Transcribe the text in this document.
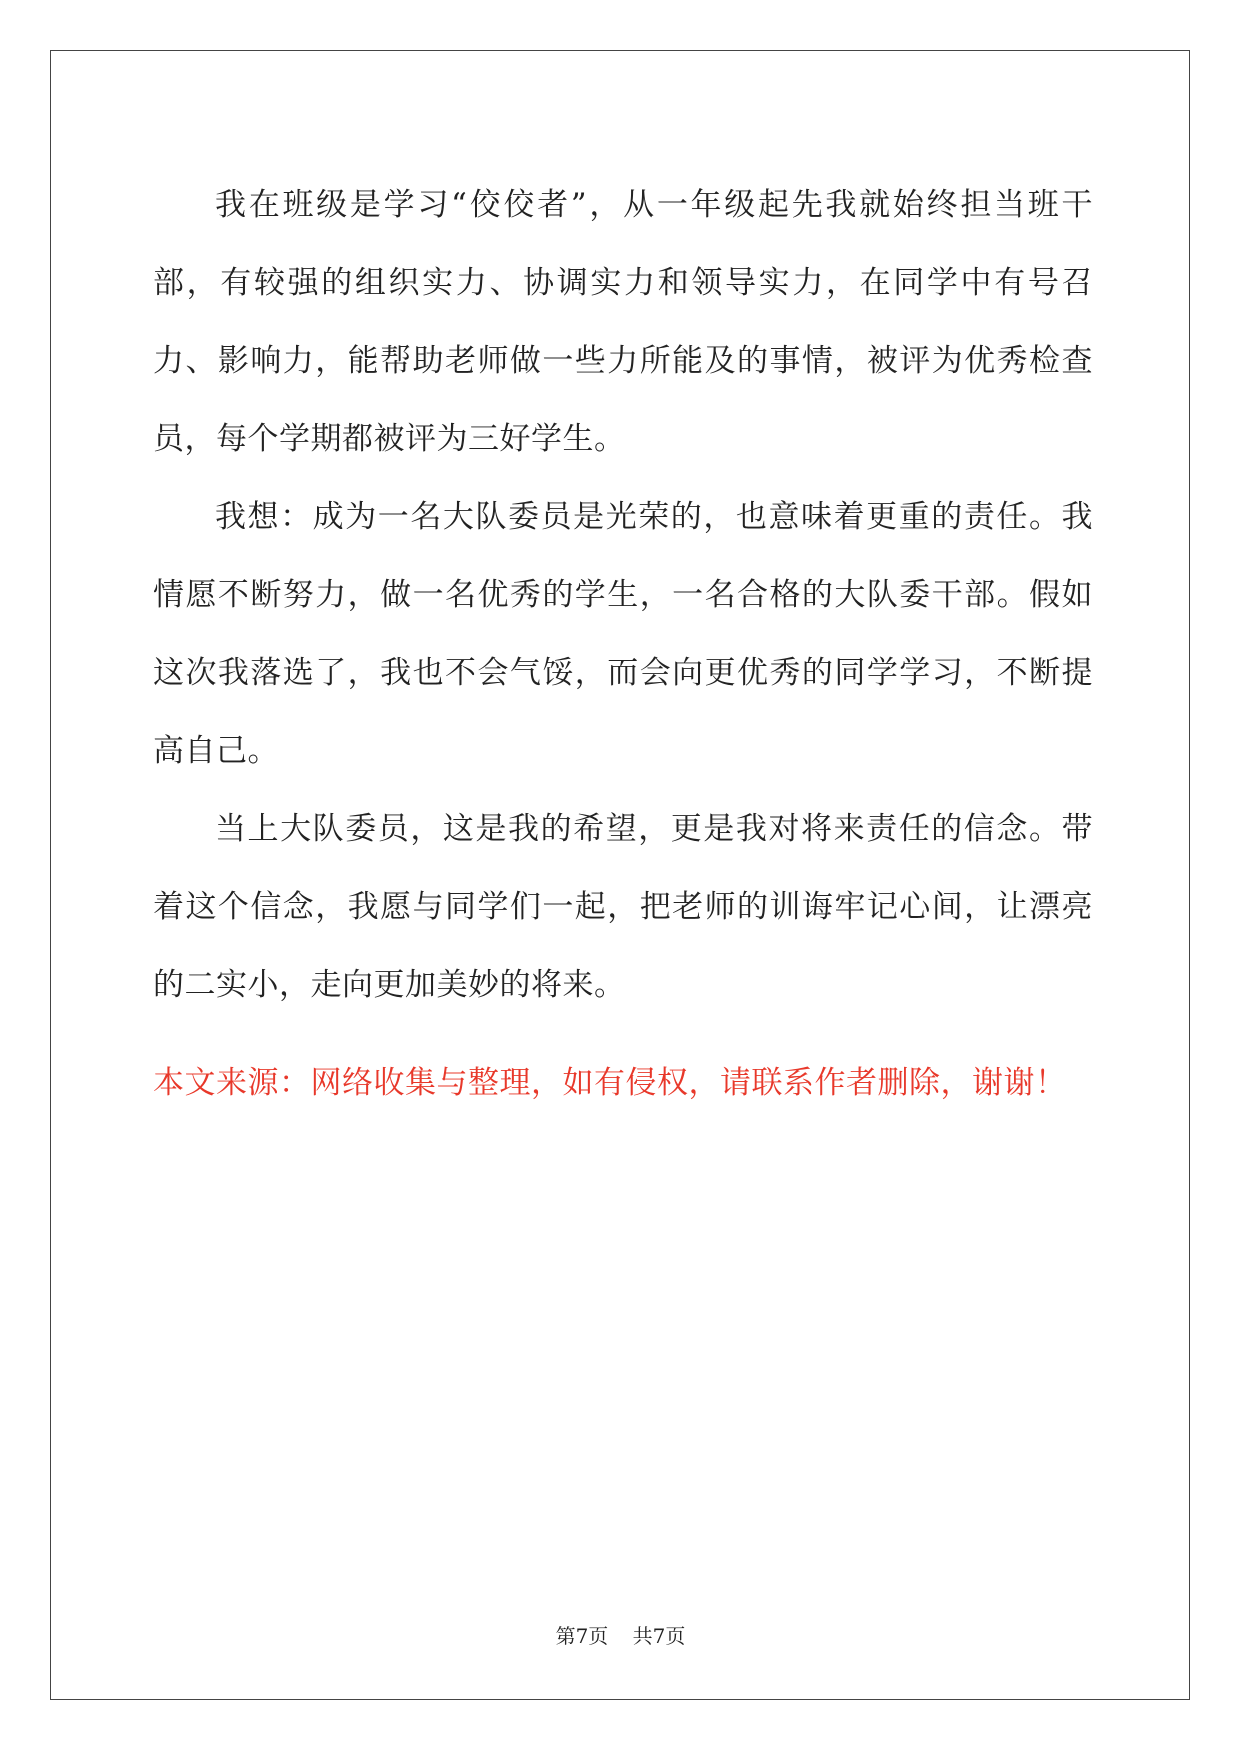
我在班级是学习“佼佼者”，从一年级起先我就始终担当班干部，有较强的组织实力、协调实力和领导实力，在同学中有号召力、影响力，能帮助老师做一些力所能及的事情，被评为优秀检查员，每个学期都被评为三好学生。

我想：成为一名大队委员是光荣的，也意味着更重的责任。我情愿不断努力，做一名优秀的学生，一名合格的大队委干部。假如这次我落选了，我也不会气馁，而会向更优秀的同学学习，不断提高自己。

当上大队委员，这是我的希望，更是我对将来责任的信念。带着这个信念，我愿与同学们一起，把老师的训诲牢记心间，让漂亮的二实小，走向更加美妙的将来。

本文来源：网络收集与整理，如有侵权，请联系作者删除，谢谢！

第7页 共7页
